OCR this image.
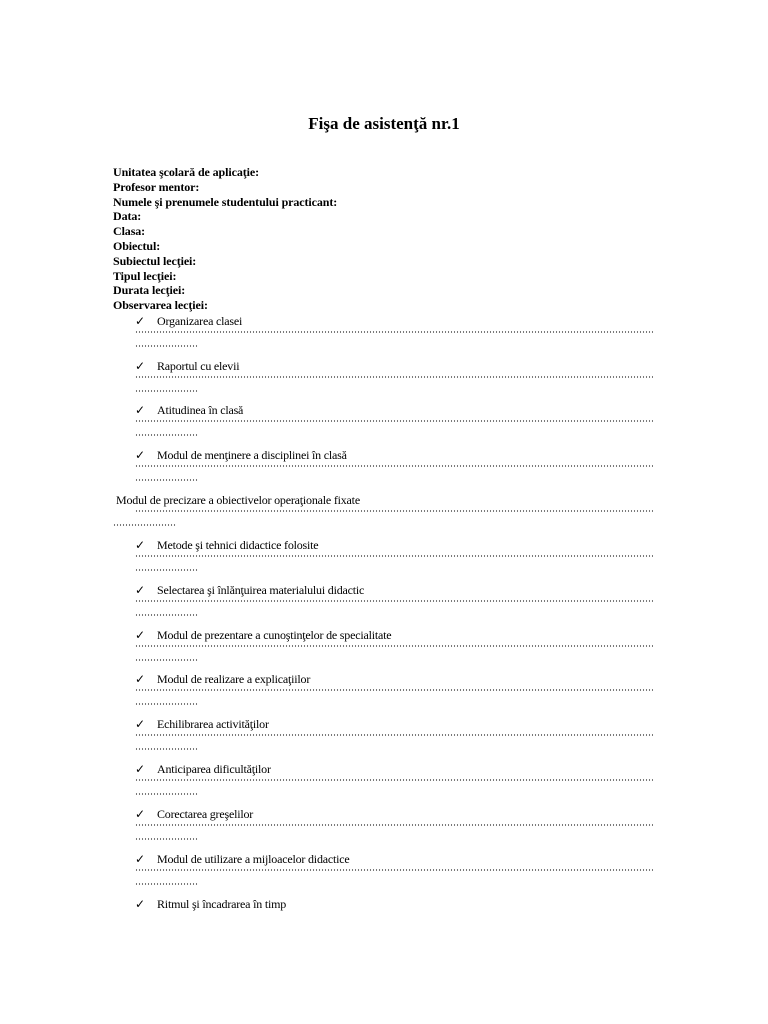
Fişa de asistenţă nr.1
Unitatea şcolară de aplicaţie:
Profesor mentor:
Numele şi prenumele studentului practicant:
Data:
Clasa:
Obiectul:
Subiectul lecţiei:
Tipul lecţiei:
Durata lecţiei:
Observarea lecţiei:
✓ Organizarea clasei
✓ Raportul cu elevii
✓ Atitudinea în clasă
✓ Modul de menţinere a disciplinei în clasă
Modul de precizare a obiectivelor operaţionale fixate
✓ Metode şi tehnici didactice folosite
✓ Selectarea şi înlănţuirea materialului didactic
✓ Modul de prezentare a cunoştinţelor de specialitate
✓ Modul de realizare a explicaţiilor
✓ Echilibrarea activităţilor
✓ Anticiparea dificultăţilor
✓ Corectarea greşelilor
✓ Modul de utilizare a mijloacelor didactice
✓ Ritmul şi încadrarea în timp
